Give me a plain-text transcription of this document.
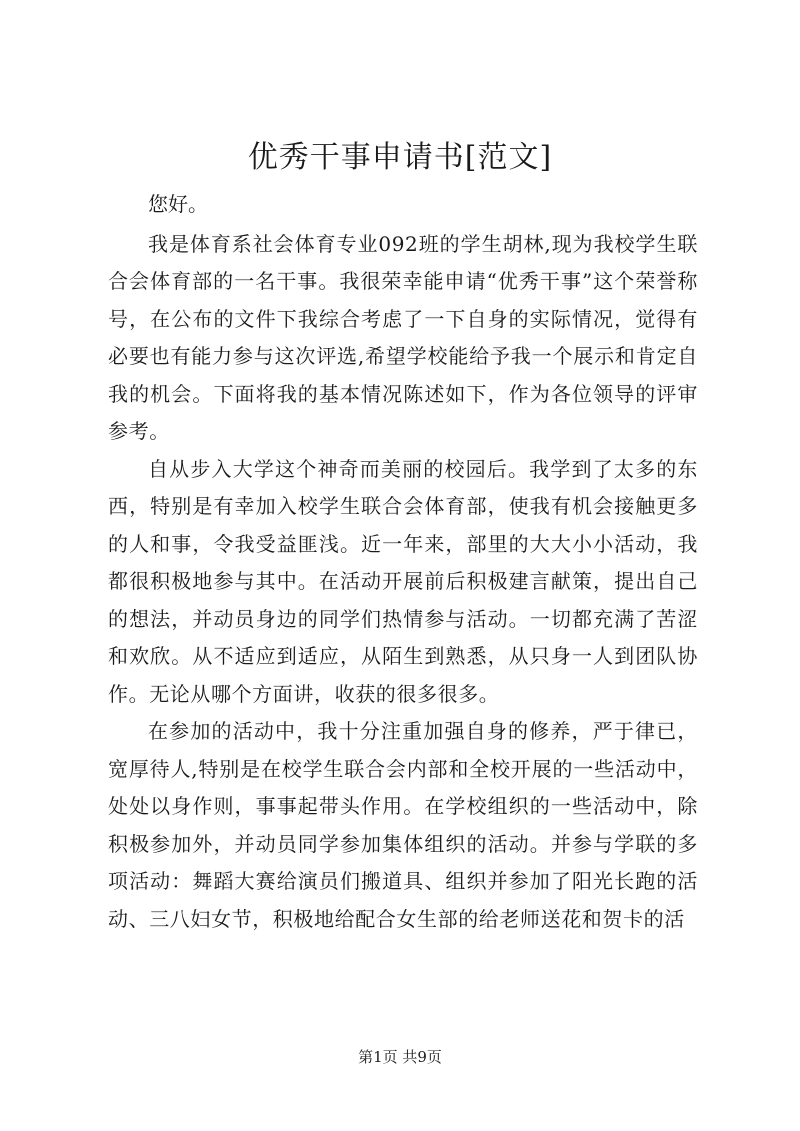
优秀干事申请书[范文]

您好。

我是体育系社会体育专业092班的学生胡林,现为我校学生联合会体育部的一名干事。我很荣幸能申请“优秀干事”这个荣誉称号，在公布的文件下我综合考虑了一下自身的实际情况，觉得有必要也有能力参与这次评选,希望学校能给予我一个展示和肯定自我的机会。下面将我的基本情况陈述如下，作为各位领导的评审参考。

自从步入大学这个神奇而美丽的校园后。我学到了太多的东西，特别是有幸加入校学生联合会体育部，使我有机会接触更多的人和事，令我受益匪浅。近一年来，部里的大大小小活动，我都很积极地参与其中。在活动开展前后积极建言献策，提出自己的想法，并动员身边的同学们热情参与活动。一切都充满了苦涩和欢欣。从不适应到适应，从陌生到熟悉，从只身一人到团队协作。无论从哪个方面讲，收获的很多很多。

在参加的活动中，我十分注重加强自身的修养，严于律已，宽厚待人,特别是在校学生联合会内部和全校开展的一些活动中，处处以身作则，事事起带头作用。在学校组织的一些活动中，除积极参加外，并动员同学参加集体组织的活动。并参与学联的多项活动：舞蹈大赛给演员们搬道具、组织并参加了阳光长跑的活动、三八妇女节，积极地给配合女生部的给老师送花和贺卡的活

第1页 共9页
